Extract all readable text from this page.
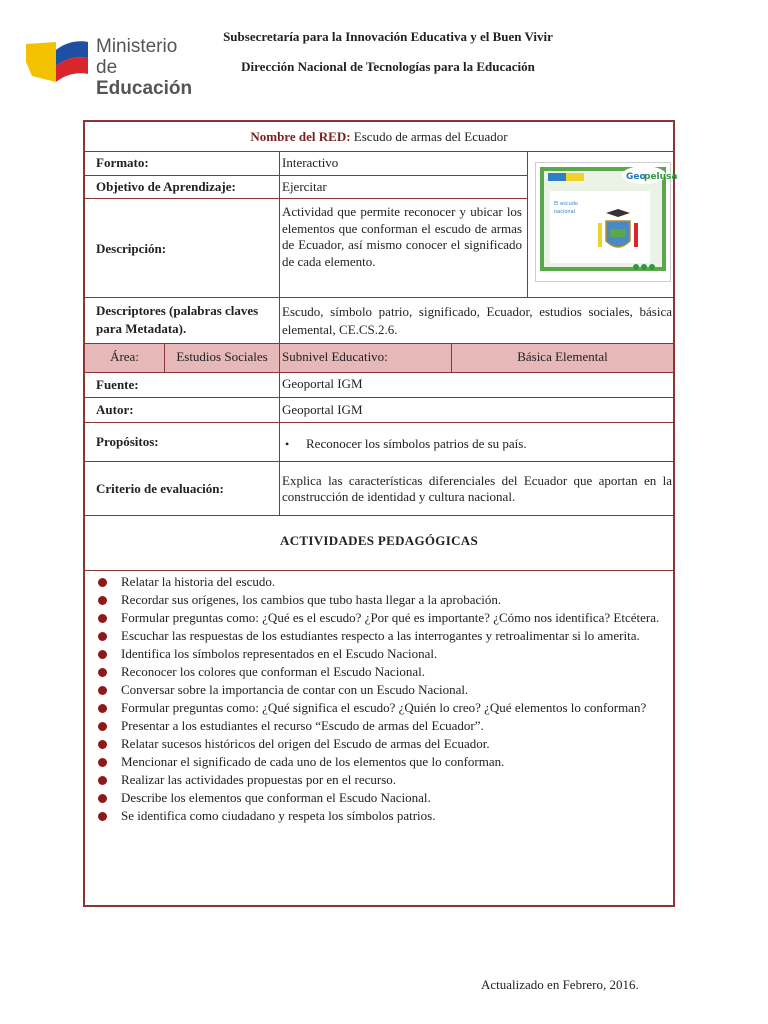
Ministerio
de Educación
Subsecretaría para la Innovación Educativa y el Buen Vivir
Dirección Nacional de Tecnologías para la Educación
Nombre del RED: Escudo de armas del Ecuador
Formato:	Interactivo
Objetivo de Aprendizaje:	Ejercitar
Descripción:
Actividad que permite reconocer y ubicar los elementos que conforman el escudo de armas de Ecuador, así mismo conocer el significado de cada elemento.
Geo
pelusa
El escudo
nacional
Descriptores (palabras claves para Metadata).
Escudo, símbolo patrio, significado, Ecuador, estudios sociales, básica elemental, CE.CS.2.6.
Área:	Estudios Sociales	Subnivel Educativo:	Básica Elemental
Fuente:	Geoportal IGM
Autor:	Geoportal IGM
Propósitos:	•	Reconocer los símbolos patrios de su país.
Criterio de evaluación:
Explica las características diferenciales del Ecuador que aportan en la construcción de identidad y cultura nacional.
ACTIVIDADES PEDAGÓGICAS
Relatar la historia del escudo.
Recordar sus orígenes, los cambios que tubo hasta llegar a la aprobación.
Formular preguntas como: ¿Qué es el escudo? ¿Por qué es importante? ¿Cómo nos identifica? Etcétera.
Escuchar las respuestas de los estudiantes respecto a las interrogantes y retroalimentar si lo amerita.
Identifica los símbolos representados en el Escudo Nacional.
Reconocer los colores que conforman el Escudo Nacional.
Conversar sobre la importancia de contar con un Escudo Nacional.
Formular preguntas como: ¿Qué significa el escudo? ¿Quién lo creo? ¿Qué elementos lo conforman?
Presentar a los estudiantes el recurso “Escudo de armas del Ecuador”.
Relatar sucesos históricos del origen del Escudo de armas del Ecuador.
Mencionar el significado de cada uno de los elementos que lo conforman.
Realizar las actividades propuestas por en el recurso.
Describe los elementos que conforman el Escudo Nacional.
Se identifica como ciudadano y respeta los símbolos patrios.
Actualizado en Febrero, 2016.
